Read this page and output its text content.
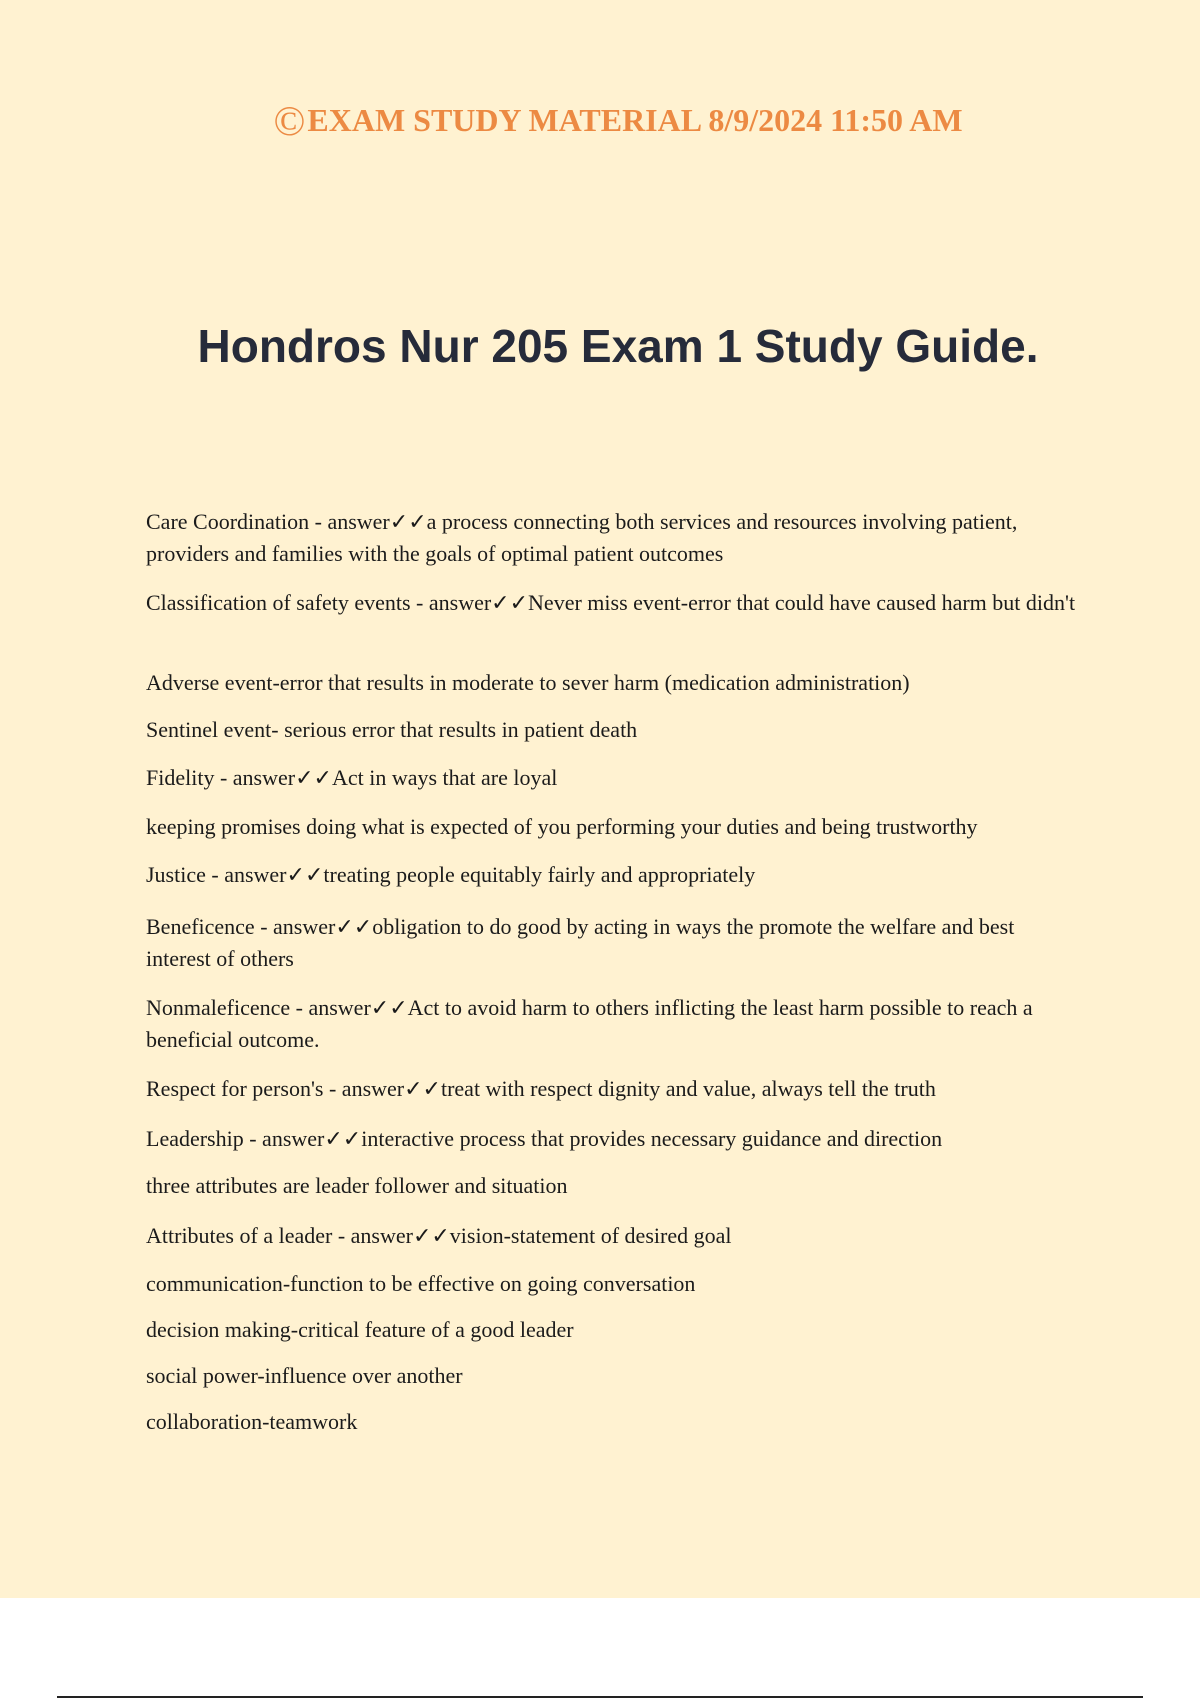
©EXAM STUDY MATERIAL 8/9/2024 11:50 AM
Hondros Nur 205 Exam 1 Study Guide.

Care Coordination - answer✓✓a process connecting both services and resources involving patient, providers and families with the goals of optimal patient outcomes

Classification of safety events - answer✓✓Never miss event-error that could have caused harm but didn't

Adverse event-error that results in moderate to sever harm (medication administration)

Sentinel event- serious error that results in patient death

Fidelity - answer✓✓Act in ways that are loyal

keeping promises doing what is expected of you performing your duties and being trustworthy

Justice - answer✓✓treating people equitably fairly and appropriately

Beneficence - answer✓✓obligation to do good by acting in ways the promote the welfare and best interest of others

Nonmaleficence - answer✓✓Act to avoid harm to others inflicting the least harm possible to reach a beneficial outcome.

Respect for person's - answer✓✓treat with respect dignity and value, always tell the truth

Leadership - answer✓✓interactive process that provides necessary guidance and direction

three attributes are leader follower and situation

Attributes of a leader - answer✓✓vision-statement of desired goal

communication-function to be effective on going conversation

decision making-critical feature of a good leader

social power-influence over another

collaboration-teamwork
